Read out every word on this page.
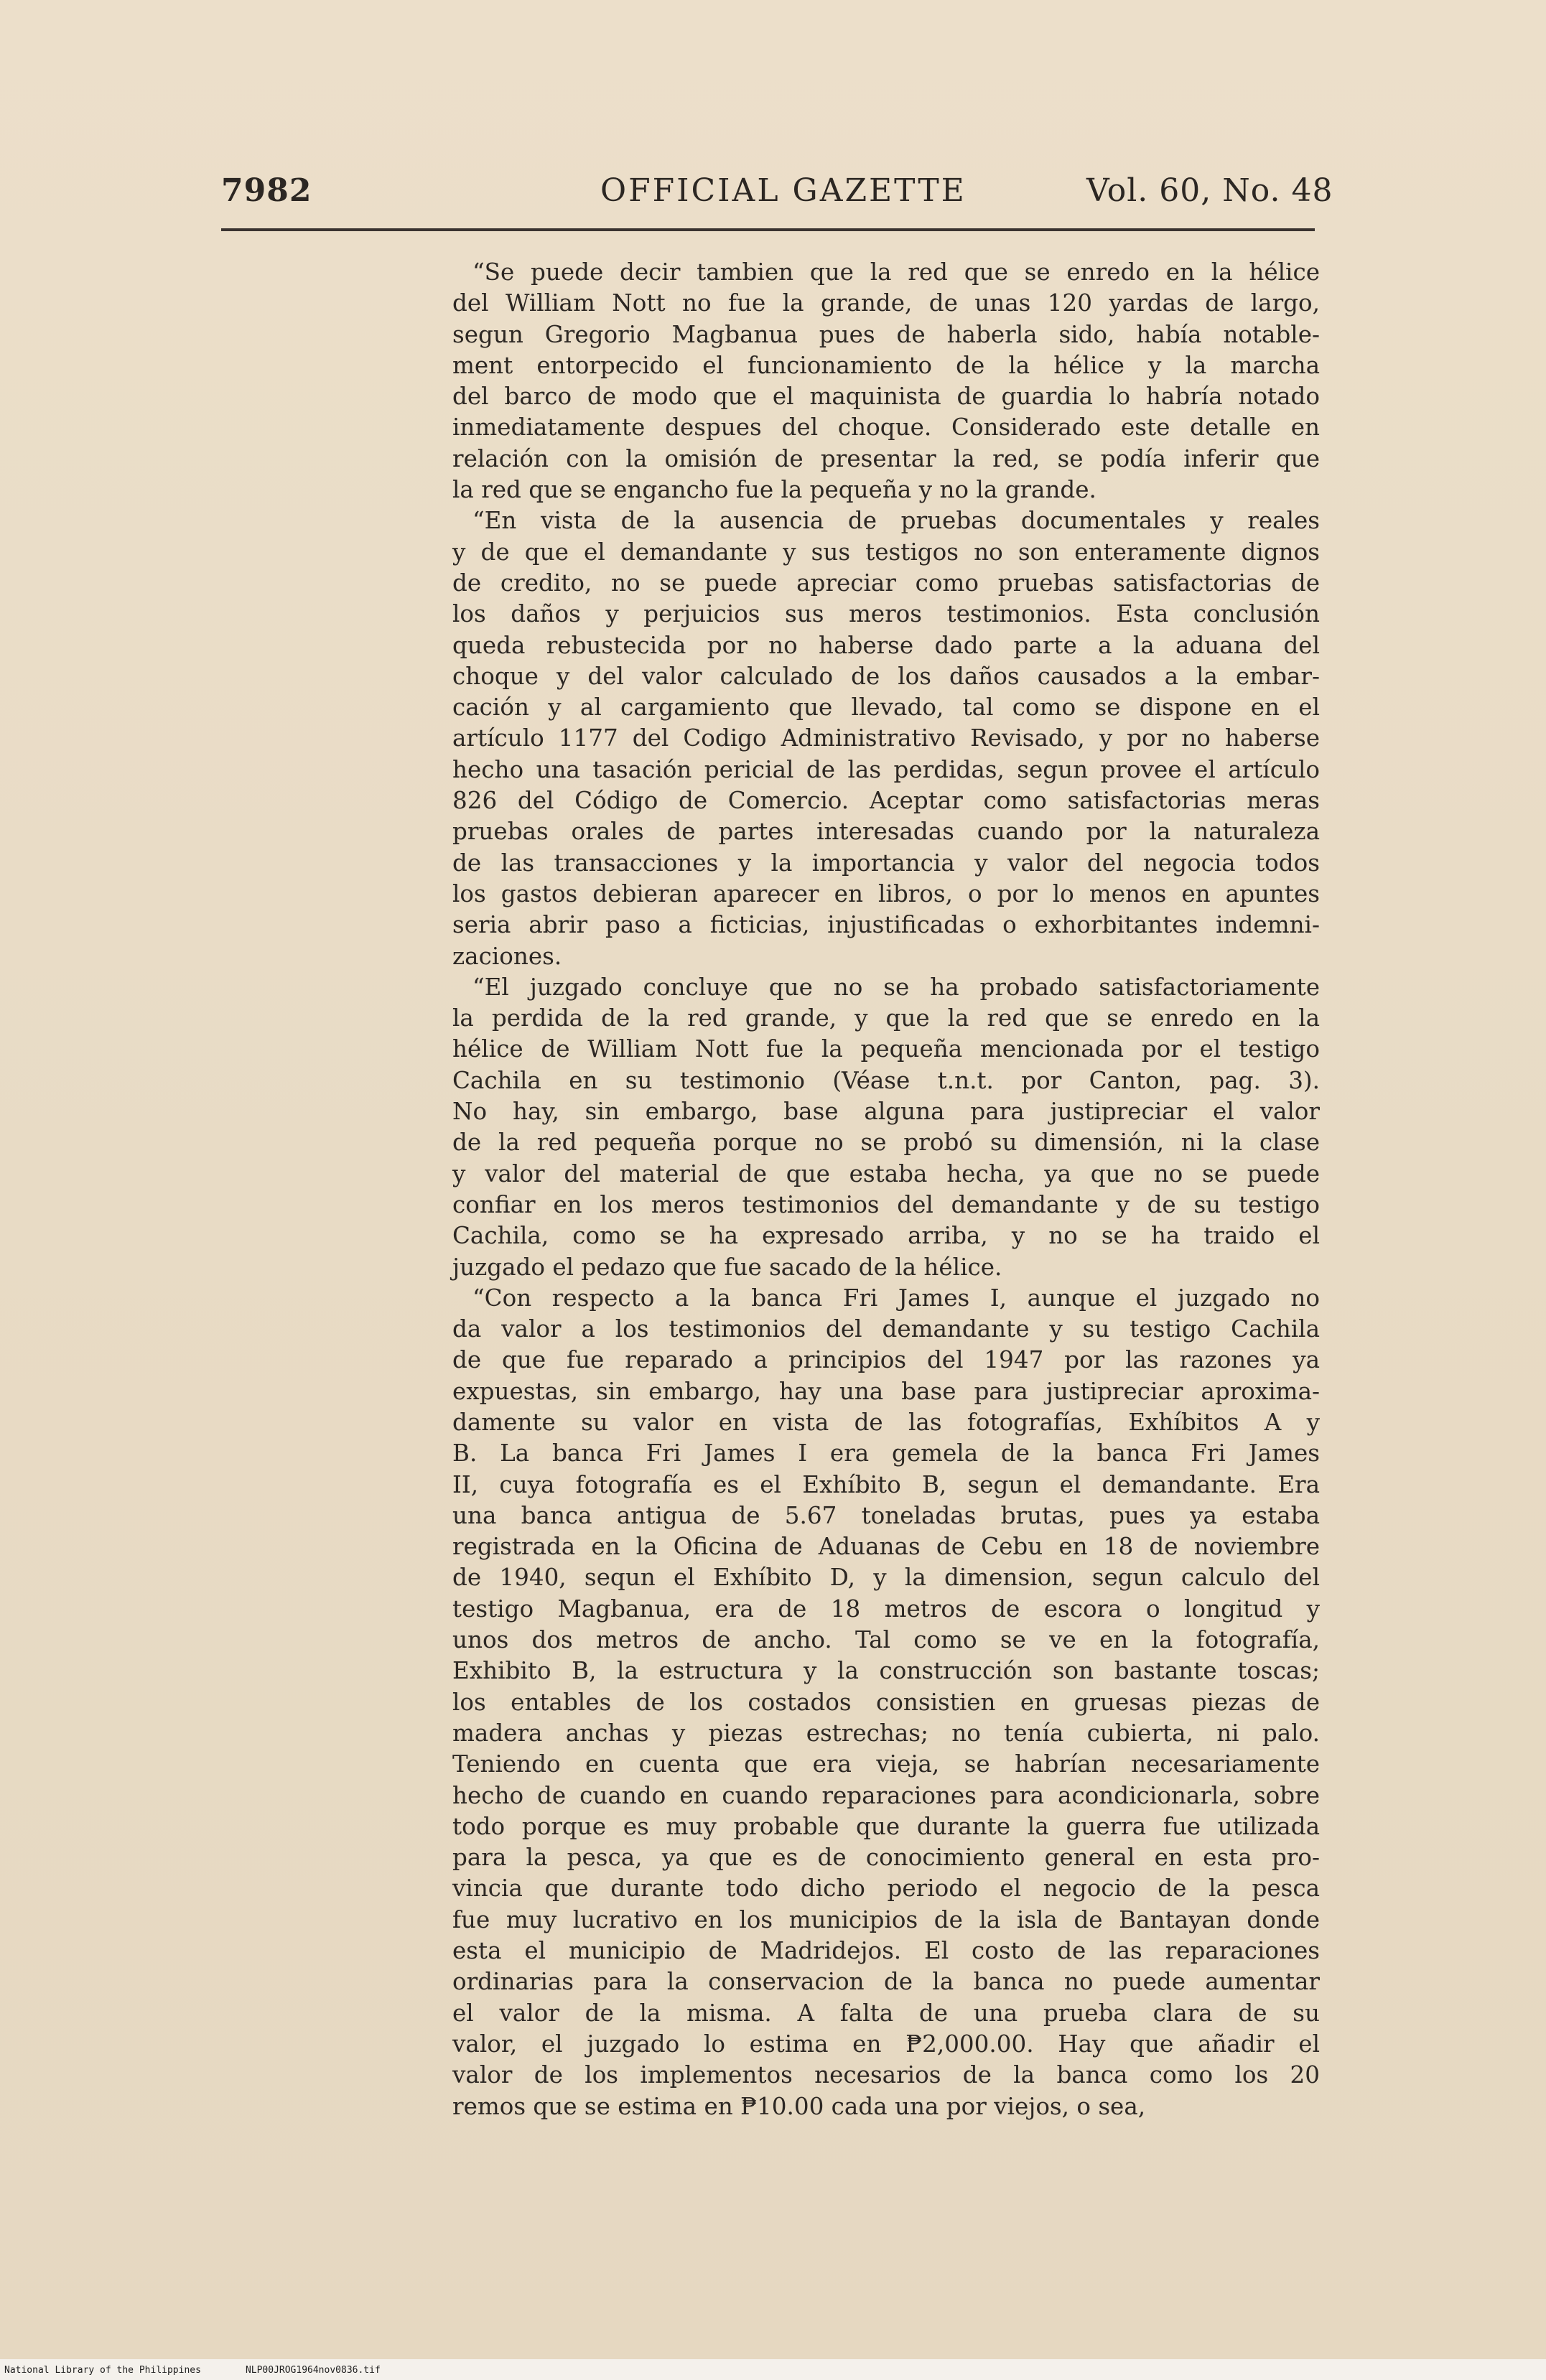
7982	OFFICIAL GAZETTE	Vol. 60, No. 48
“Se puede decir tambien que la red que se enredo en la hélice
del William Nott no fue la grande, de unas 120 yardas de largo,
segun Gregorio Magbanua pues de haberla sido, había notable-
ment entorpecido el funcionamiento de la hélice y la marcha
del barco de modo que el maquinista de guardia lo habría notado
inmediatamente despues del choque. Considerado este detalle en
relación con la omisión de presentar la red, se podía inferir que
la red que se engancho fue la pequeña y no la grande.
“En vista de la ausencia de pruebas documentales y reales
y de que el demandante y sus testigos no son enteramente dignos
de credito, no se puede apreciar como pruebas satisfactorias de
los daños y perjuicios sus meros testimonios. Esta conclusión
queda rebustecida por no haberse dado parte a la aduana del
choque y del valor calculado de los daños causados a la embar-
cación y al cargamiento que llevado, tal como se dispone en el
artículo 1177 del Codigo Administrativo Revisado, y por no haberse
hecho una tasación pericial de las perdidas, segun provee el artículo
826 del Código de Comercio. Aceptar como satisfactorias meras
pruebas orales de partes interesadas cuando por la naturaleza
de las transacciones y la importancia y valor del negocia todos
los gastos debieran aparecer en libros, o por lo menos en apuntes
seria abrir paso a ficticias, injustificadas o exhorbitantes indemni-
zaciones.
“El juzgado concluye que no se ha probado satisfactoriamente
la perdida de la red grande, y que la red que se enredo en la
hélice de William Nott fue la pequeña mencionada por el testigo
Cachila en su testimonio (Véase t.n.t. por Canton, pag. 3).
No hay, sin embargo, base alguna para justipreciar el valor
de la red pequeña porque no se probó su dimensión, ni la clase
y valor del material de que estaba hecha, ya que no se puede
confiar en los meros testimonios del demandante y de su testigo
Cachila, como se ha expresado arriba, y no se ha traido el
juzgado el pedazo que fue sacado de la hélice.
“Con respecto a la banca Fri James I, aunque el juzgado no
da valor a los testimonios del demandante y su testigo Cachila
de que fue reparado a principios del 1947 por las razones ya
expuestas, sin embargo, hay una base para justipreciar aproxima-
damente su valor en vista de las fotografías, Exhíbitos A y
B. La banca Fri James I era gemela de la banca Fri James
II, cuya fotografía es el Exhíbito B, segun el demandante. Era
una banca antigua de 5.67 toneladas brutas, pues ya estaba
registrada en la Oficina de Aduanas de Cebu en 18 de noviembre
de 1940, sequn el Exhíbito D, y la dimension, segun calculo del
testigo Magbanua, era de 18 metros de escora o longitud y
unos dos metros de ancho. Tal como se ve en la fotografía,
Exhibito B, la estructura y la construcción son bastante toscas;
los entables de los costados consistien en gruesas piezas de
madera anchas y piezas estrechas; no tenía cubierta, ni palo.
Teniendo en cuenta que era vieja, se habrían necesariamente
hecho de cuando en cuando reparaciones para acondicionarla, sobre
todo porque es muy probable que durante la guerra fue utilizada
para la pesca, ya que es de conocimiento general en esta pro-
vincia que durante todo dicho periodo el negocio de la pesca
fue muy lucrativo en los municipios de la isla de Bantayan donde
esta el municipio de Madridejos. El costo de las reparaciones
ordinarias para la conservacion de la banca no puede aumentar
el valor de la misma. A falta de una prueba clara de su
valor, el juzgado lo estima en ₱2,000.00. Hay que añadir el
valor de los implementos necesarios de la banca como los 20
remos que se estima en ₱10.00 cada una por viejos, o sea,
National Library of the Philippines	NLP00JROG1964nov0836.tif
